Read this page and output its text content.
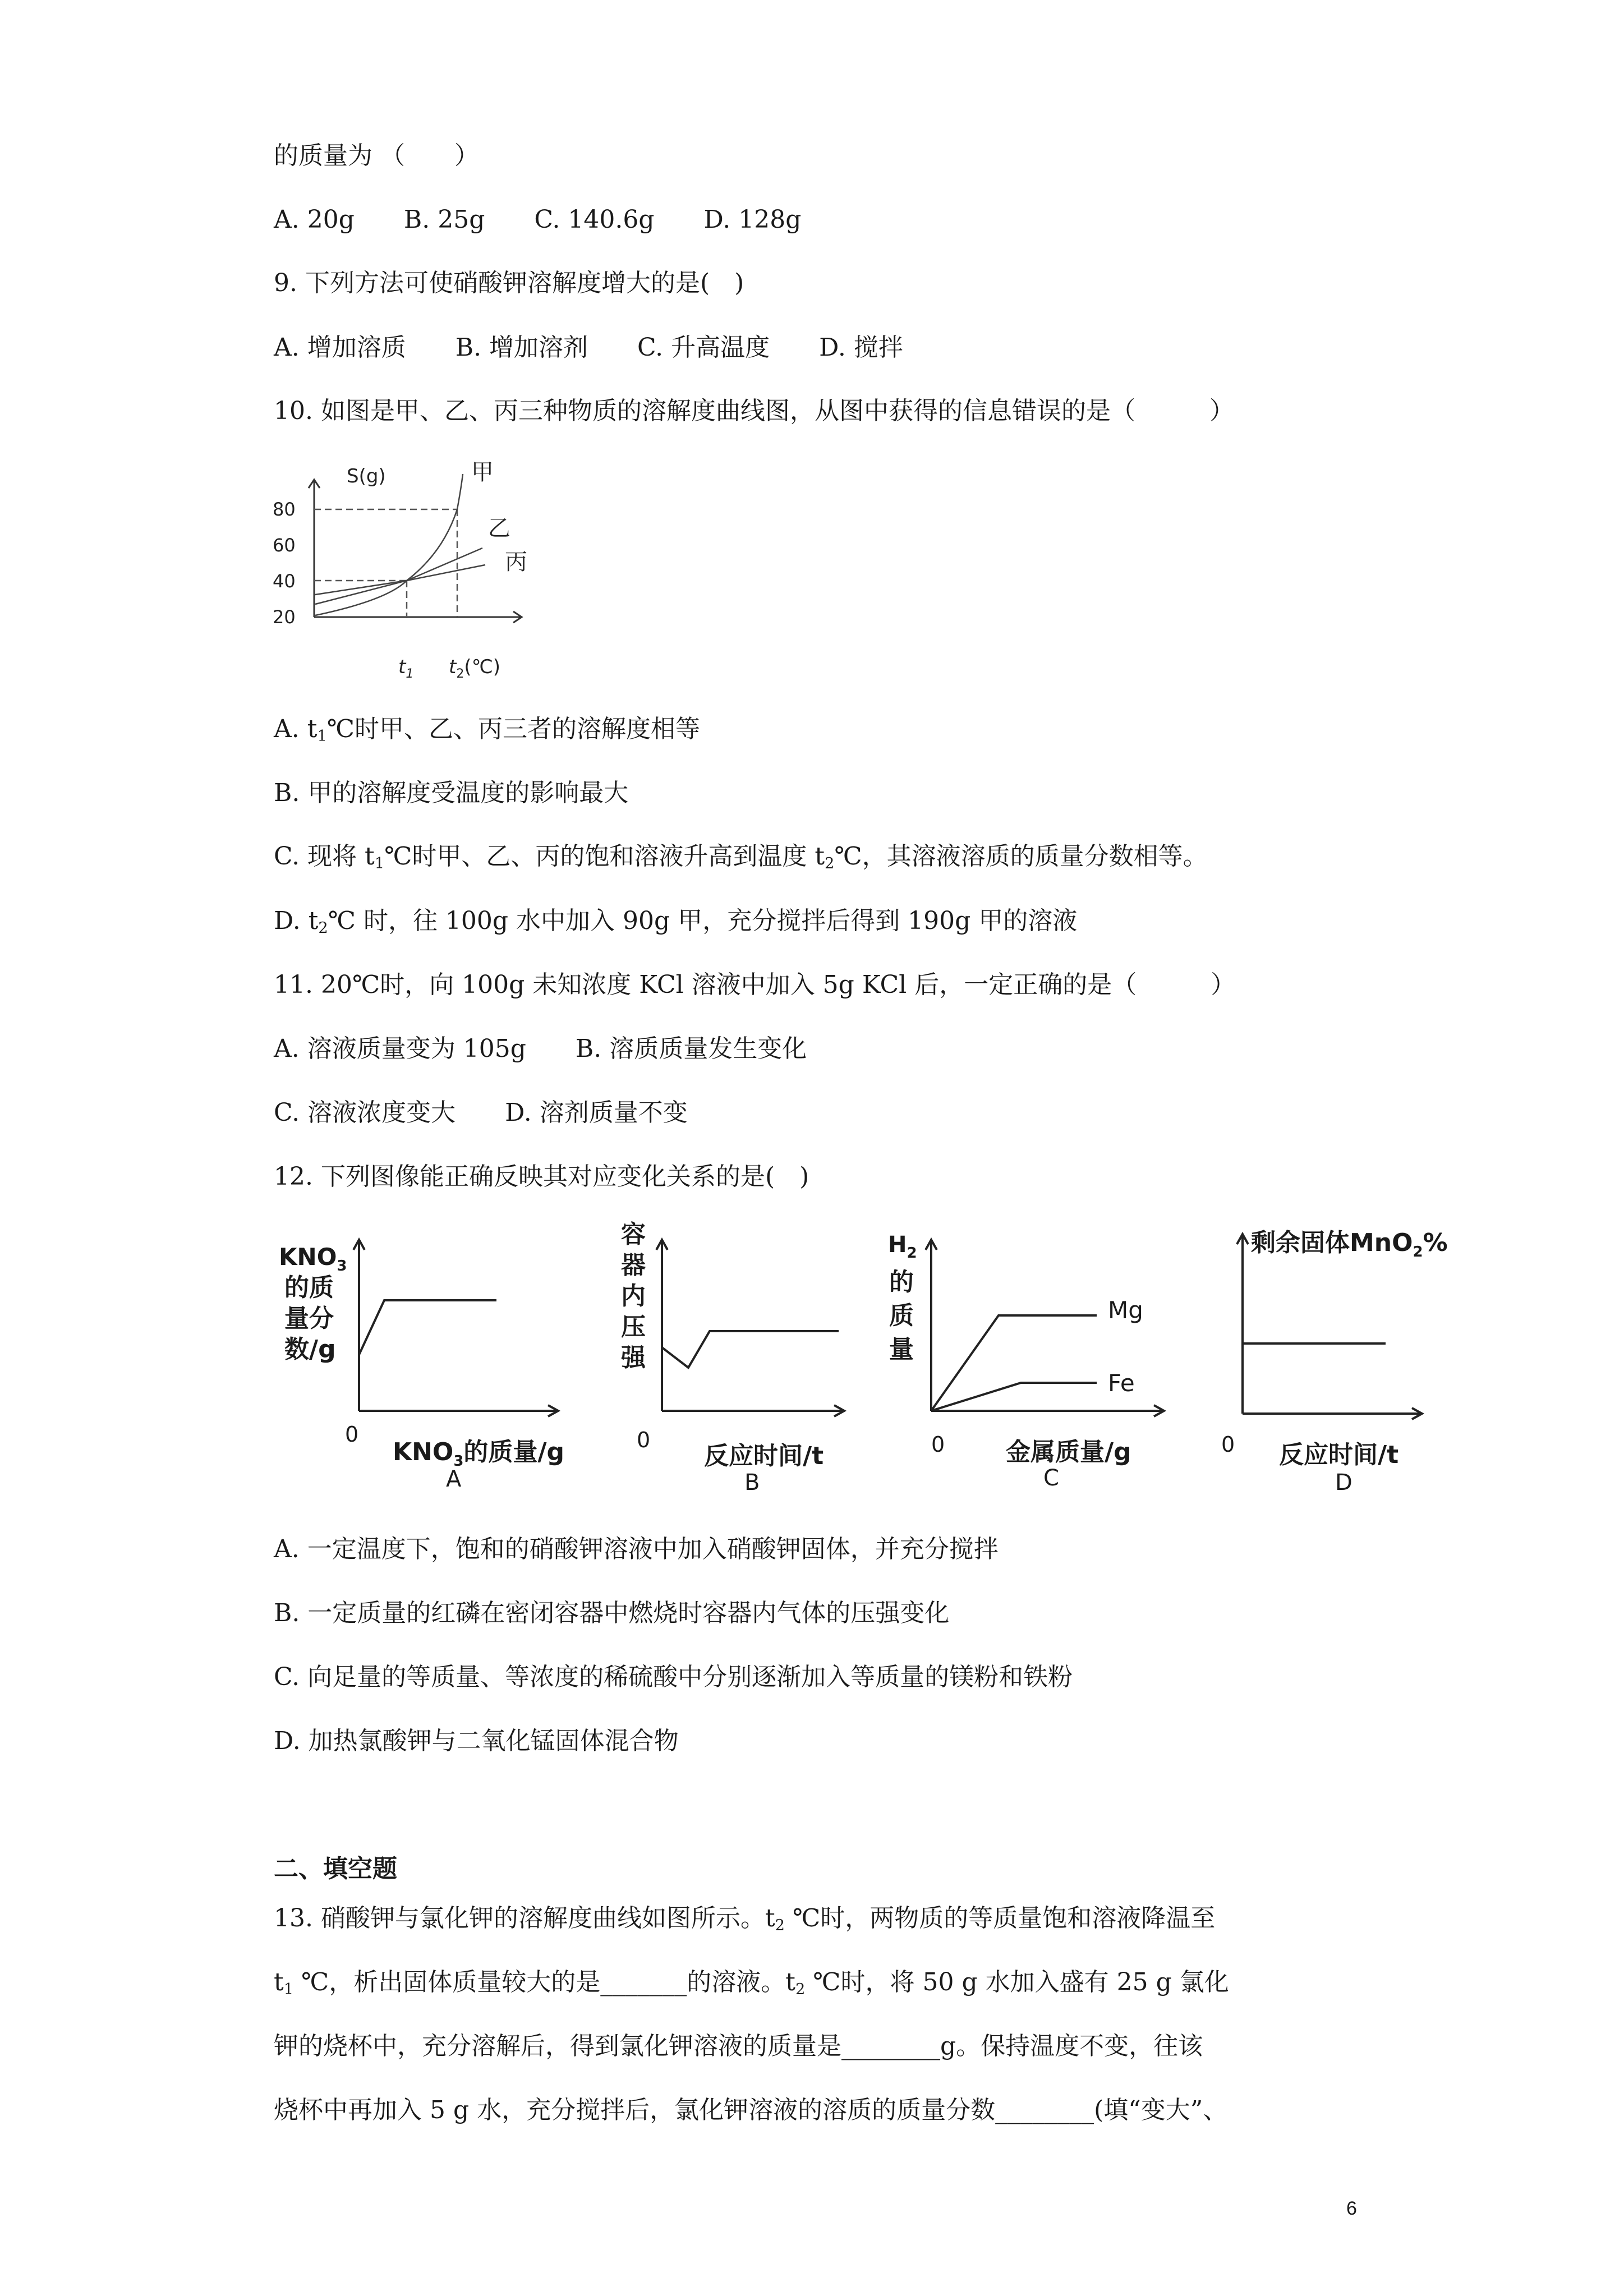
的质量为 （　　）
A. 20g　　B. 25g　　C. 140.6g　　D. 128g
9. 下列方法可使硝酸钾溶解度增大的是(　)
A. 增加溶质　　B. 增加溶剂　　C. 升高温度　　D. 搅拌
10. 如图是甲、乙、丙三种物质的溶解度曲线图，从图中获得的信息错误的是（　　　）
S(g)
80
60
40
20
$t_1$ $t_2(℃)$
甲
乙
丙
A. $t_1℃$时甲、乙、丙三者的溶解度相等
B. 甲的溶解度受温度的影响最大
C. 现将 $t_1℃$时甲、乙、丙的饱和溶液升高到温度 $t_2℃$，其溶液溶质的质量分数相等。
D. $t_2℃$ 时，往 100g 水中加入 90g 甲，充分搅拌后得到 190g 甲的溶液
11. 20℃时，向 100g 未知浓度 KCl 溶液中加入 5g KCl 后，一定正确的是（　　　）
A. 溶液质量变为 105g　　B. 溶质质量发生变化
C. 溶液浓度变大　　D. 溶剂质量不变
12. 下列图像能正确反映其对应变化关系的是(　)
$KNO_3$
的质
量分
数/g
0
$KNO_3$的质量/g
A
容
器
内
压
强
0
反应时间/t
B
$H_2$
的
质
量
Mg
Fe
0 金属质量/g
C
剩余固体MnO$_2$%
0 反应时间/t
D
A. 一定温度下，饱和的硝酸钾溶液中加入硝酸钾固体，并充分搅拌
B. 一定质量的红磷在密闭容器中燃烧时容器内气体的压强变化
C. 向足量的等质量、等浓度的稀硫酸中分别逐渐加入等质量的镁粉和铁粉
D. 加热氯酸钾与二氧化锰固体混合物
二、填空题
13. 硝酸钾与氯化钾的溶解度曲线如图所示。$t_2$ ℃时，两物质的等质量饱和溶液降温至
$t_1$ ℃，析出固体质量较大的是_______的溶液。$t_2$ ℃时，将 50 g 水加入盛有 25 g 氯化
钾的烧杯中，充分溶解后，得到氯化钾溶液的质量是________g。保持温度不变，往该
烧杯中再加入 5 g 水，充分搅拌后，氯化钾溶液的溶质的质量分数________(填“变大”、
6
